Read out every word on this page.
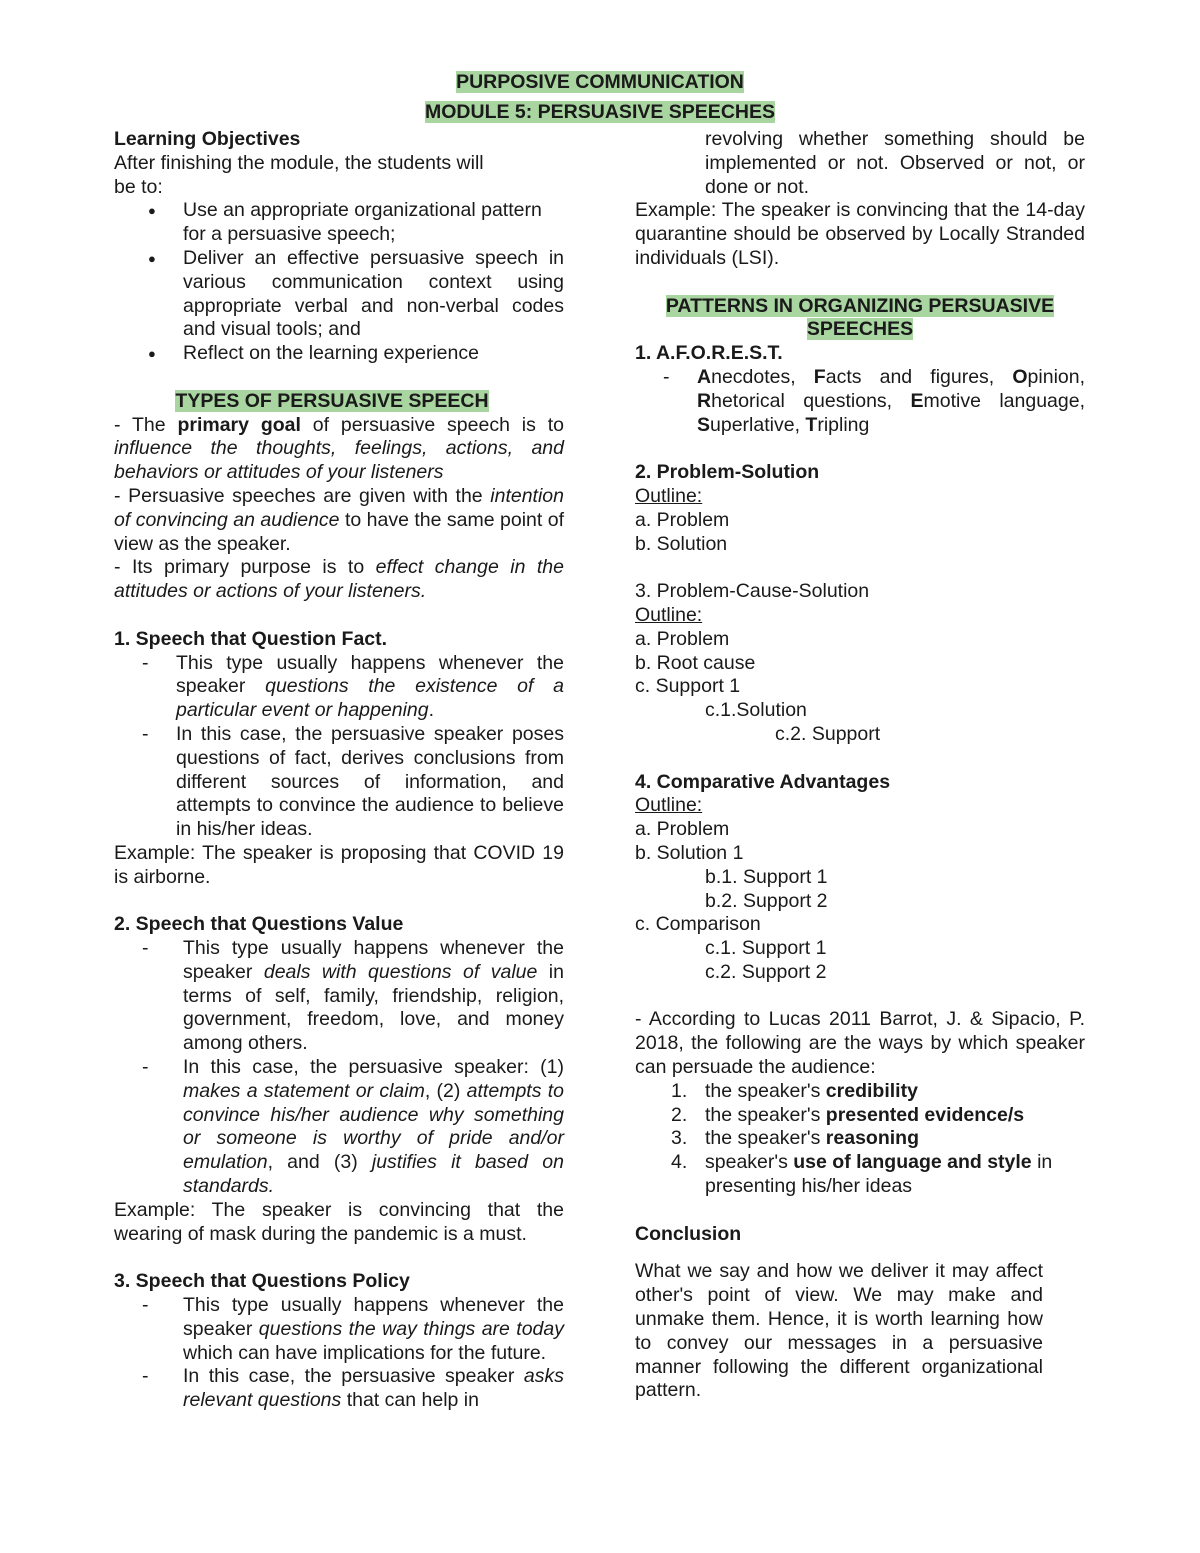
PURPOSIVE COMMUNICATION
MODULE 5: PERSUASIVE SPEECHES

Learning Objectives

After finishing the module, the students will

be to:

● Use an appropriate organizational pattern for a persuasive speech;
● Deliver an effective persuasive speech in various communication context using appropriate verbal and non-verbal codes and visual tools; and
● Reflect on the learning experience

TYPES OF PERSUASIVE SPEECH

- The primary goal of persuasive speech is to influence the thoughts, feelings, actions, and behaviors or attitudes of your listeners

- Persuasive speeches are given with the intention of convincing an audience to have the same point of view as the speaker.

- Its primary purpose is to effect change in the attitudes or actions of your listeners.

1. Speech that Question Fact.

- This type usually happens whenever the speaker questions the existence of a particular event or happening.
- In this case, the persuasive speaker poses questions of fact, derives conclusions from different sources of information, and attempts to convince the audience to believe in his/her ideas.

Example: The speaker is proposing that COVID 19 is airborne.

2. Speech that Questions Value

- This type usually happens whenever the speaker deals with questions of value in terms of self, family, friendship, religion, government, freedom, love, and money among others.
- In this case, the persuasive speaker: (1) makes a statement or claim, (2) attempts to convince his/her audience why something or someone is worthy of pride and/or emulation, and (3) justifies it based on standards.

Example: The speaker is convincing that the wearing of mask during the pandemic is a must.

3. Speech that Questions Policy

- This type usually happens whenever the speaker questions the way things are today which can have implications for the future.
- In this case, the persuasive speaker asks relevant questions that can help in

revolving whether something should be implemented or not. Observed or not, or done or not.

Example: The speaker is convincing that the 14-day quarantine should be observed by Locally Stranded individuals (LSI).

PATTERNS IN ORGANIZING PERSUASIVE
SPEECHES

1. A.F.O.R.E.S.T.

- Anecdotes, Facts and figures, Opinion, Rhetorical questions, Emotive language, Superlative, Tripling

2. Problem-Solution

Outline:

a. Problem

b. Solution

3. Problem-Cause-Solution

Outline:

a. Problem

b. Root cause

c. Support 1

c.1.Solution

c.2. Support

4. Comparative Advantages

Outline:

a. Problem

b. Solution 1

b.1. Support 1

b.2. Support 2

c. Comparison

c.1. Support 1

c.2. Support 2

- According to Lucas 2011 Barrot, J. & Sipacio, P. 2018, the following are the ways by which speaker can persuade the audience:

1. the speaker's credibility
2. the speaker's presented evidence/s
3. the speaker's reasoning
4. speaker's use of language and style in presenting his/her ideas

Conclusion

What we say and how we deliver it may affect other's point of view. We may make and unmake them. Hence, it is worth learning how to convey our messages in a persuasive manner following the different organizational pattern.
